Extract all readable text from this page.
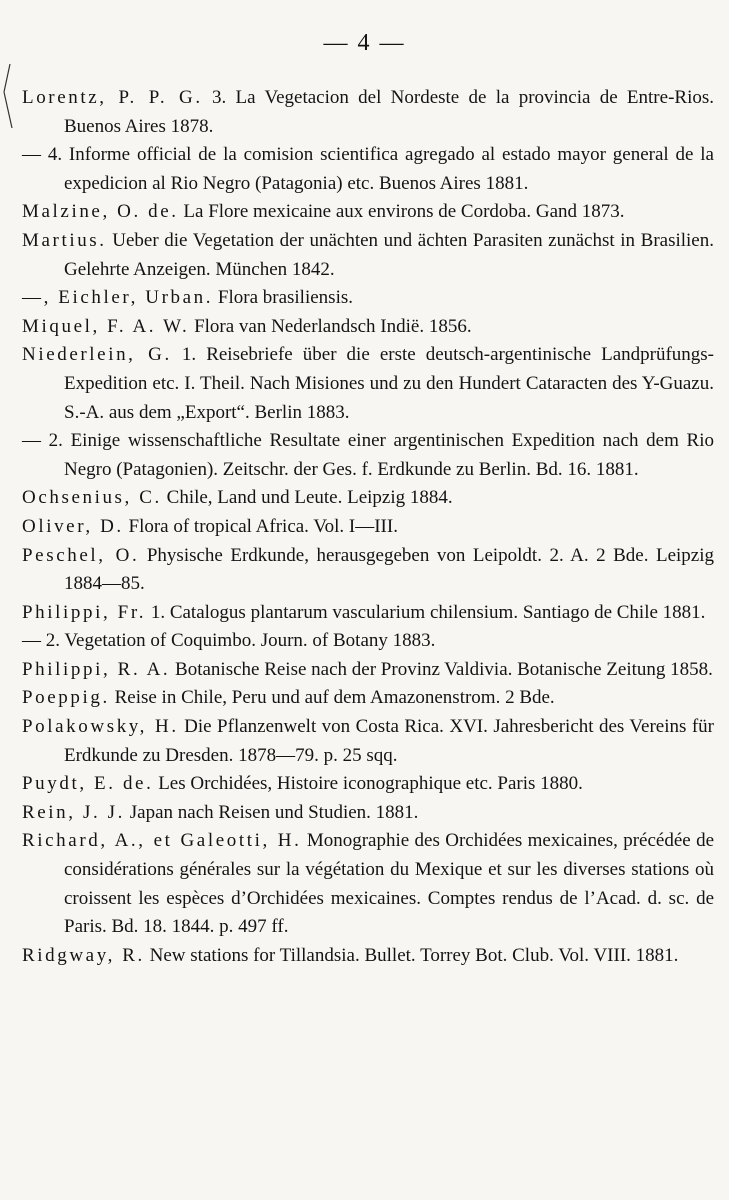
— 4 —
Lorentz, P. P. G. 3. La Vegetacion del Nordeste de la provincia de Entre-Rios. Buenos Aires 1878.
— 4. Informe official de la comision scientifica agregado al estado mayor general de la expedicion al Rio Negro (Patagonia) etc. Buenos Aires 1881.
Malzine, O. de. La Flore mexicaine aux environs de Cordoba. Gand 1873.
Martius. Ueber die Vegetation der unächten und ächten Parasiten zunächst in Brasilien. Gelehrte Anzeigen. München 1842.
—, Eichler, Urban. Flora brasiliensis.
Miquel, F. A. W. Flora van Nederlandsch Indië. 1856.
Niederlein, G. 1. Reisebriefe über die erste deutsch-argentinische Landprüfungs-Expedition etc. I. Theil. Nach Misiones und zu den Hundert Cataracten des Y-Guazu. S.-A. aus dem „Export“. Berlin 1883.
— 2. Einige wissenschaftliche Resultate einer argentinischen Expedition nach dem Rio Negro (Patagonien). Zeitschr. der Ges. f. Erdkunde zu Berlin. Bd. 16. 1881.
Ochsenius, C. Chile, Land und Leute. Leipzig 1884.
Oliver, D. Flora of tropical Africa. Vol. I—III.
Peschel, O. Physische Erdkunde, herausgegeben von Leipoldt. 2. A. 2 Bde. Leipzig 1884—85.
Philippi, Fr. 1. Catalogus plantarum vascularium chilensium. Santiago de Chile 1881.
— 2. Vegetation of Coquimbo. Journ. of Botany 1883.
Philippi, R. A. Botanische Reise nach der Provinz Valdivia. Botanische Zeitung 1858.
Poeppig. Reise in Chile, Peru und auf dem Amazonenstrom. 2 Bde.
Polakowsky, H. Die Pflanzenwelt von Costa Rica. XVI. Jahresbericht des Vereins für Erdkunde zu Dresden. 1878—79. p. 25 sqq.
Puydt, E. de. Les Orchidées, Histoire iconographique etc. Paris 1880.
Rein, J. J. Japan nach Reisen und Studien. 1881.
Richard, A., et Galeotti, H. Monographie des Orchidées mexicaines, précédée de considérations générales sur la végétation du Mexique et sur les diverses stations où croissent les espèces d’Orchidées mexicaines. Comptes rendus de l’Acad. d. sc. de Paris. Bd. 18. 1844. p. 497 ff.
Ridgway, R. New stations for Tillandsia. Bullet. Torrey Bot. Club. Vol. VIII. 1881.
